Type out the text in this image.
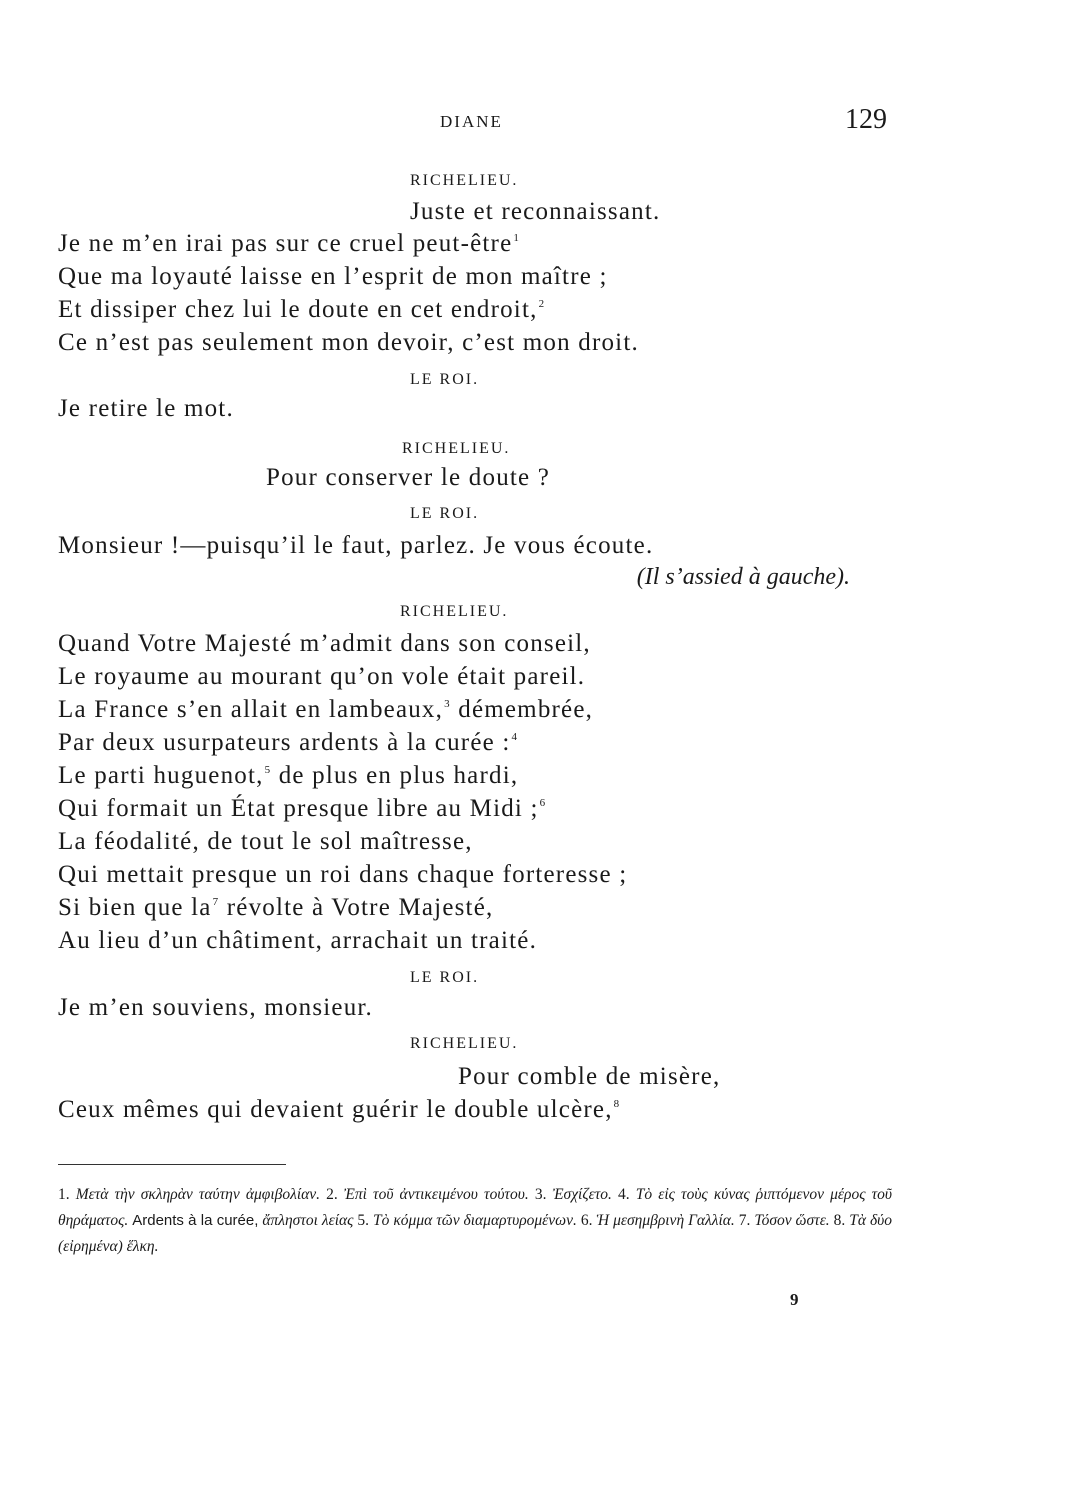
DIANE	129
RICHELIEU.
Juste et reconnaissant.
Je ne m’en irai pas sur ce cruel peut-être$^1$
Que ma loyauté laisse en l’esprit de mon maître ;
Et dissiper chez lui le doute en cet endroit,$^2$
Ce n’est pas seulement mon devoir, c’est mon droit.
LE ROI.
Je retire le mot.
RICHELIEU.
Pour conserver le doute ?
LE ROI.
Monsieur !—puisqu’il le faut, parlez. Je vous écoute.
(Il s’assied à gauche).
RICHELIEU.
Quand Votre Majesté m’admit dans son conseil,
Le royaume au mourant qu’on vole était pareil.
La France s’en allait en lambeaux,$^3$ démembrée,
Par deux usurpateurs ardents à la curée :$^4$
Le parti huguenot,$^5$ de plus en plus hardi,
Qui formait un État presque libre au Midi ;$^6$
La féodalité, de tout le sol maîtresse,
Qui mettait presque un roi dans chaque forteresse ;
Si bien que $la^7$ révolte à Votre Majesté,
Au lieu d’un châtiment, arrachait un traité.
LE ROI.
Je m’en souviens, monsieur.
RICHELIEU.
Pour comble de misère,
Ceux mêmes qui devaient guérir le double ulcère,$^8$
1. Μετὰ τὴν σκληρὰν ταύτην ἀμφιβολίαν. 2. Ἐπὶ τοῦ ἀντικειμένου τούτου. 3. Ἐσχίζετο. 4. Τὸ εἰς τοὺς κύνας ῥιπτόμενον μέρος τοῦ θηράματος. Ardents à la curée, ἄπληστοι λείας 5. Τὸ κόμμα τῶν διαμαρτυρομένων. 6. Ἡ μεσημβρινὴ Γαλλία. 7. Τόσον ὥστε. 8. Τὰ δύο (εἰρημένα) ἕλκη.
9
